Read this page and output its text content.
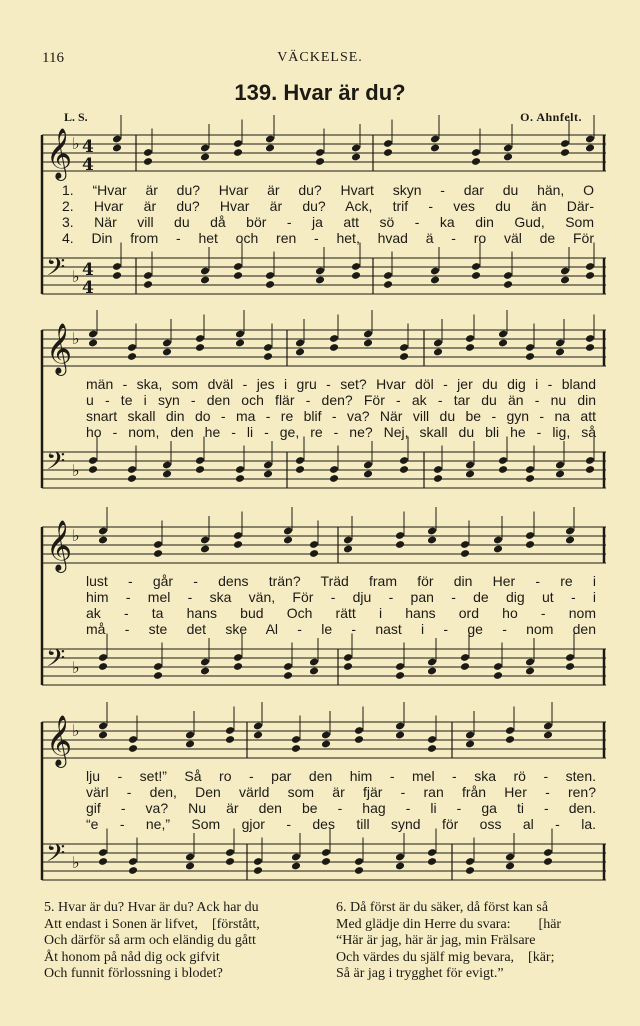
116	VÄCKELSE.
139. Hvar är du?
L. S.	O. Ahnfelt.
𝄞 ♭
𝄢 ♭
4
4
4
4
𝄞 ♭
𝄢 ♭
𝄞 ♭
𝄢 ♭
𝄞 ♭
𝄢 ♭
1. “Hvar är du? Hvar är du? Hvart skyn - dar du hän, O
2. Hvar är du? Hvar är du? Ack, trif - ves du än Där-
3. När vill du då bör - ja att sö - ka din Gud, Som
4. Din from - het och ren - het, hvad ä - ro väl de För
män - ska, som dväl - jes i gru - set? Hvar döl - jer du dig i - bland
u - te i syn - den och flär - den? För - ak - tar du än - nu din
snart skall din do - ma - re blif - va? När vill du be - gyn - na att
ho - nom, den he - li - ge, re - ne? Nej, skall du bli he - lig, så
lust - går - dens trän? Träd fram för din Her - re i
him - mel - ska vän, För - dju - pan - de dig ut - i
ak - ta hans bud Och rätt i hans ord ho - nom
må - ste det ske Al - le - nast i - ge - nom den
lju - set!” Så ro - par den him - mel - ska rö - sten.
värl - den, Den värld som är fjär - ran från Her - ren?
gif - va? Nu är den be - hag - li - ga ti - den.
“e - ne,” Som gjor - des till synd för oss al - la.
5. Hvar är du? Hvar är du? Ack har du
Att endast i Sonen är lifvet,    [förstått,
Och därför så arm och eländig du gått
Åt honom på nåd dig ock gifvit
Och funnit förlossning i blodet?
6. Då först är du säker, då först kan så
Med glädje din Herre du svara:        [här
“Här är jag, här är jag, min Frälsare
Och värdes du själf mig bevara,    [kär;
Så är jag i trygghet för evigt.”
